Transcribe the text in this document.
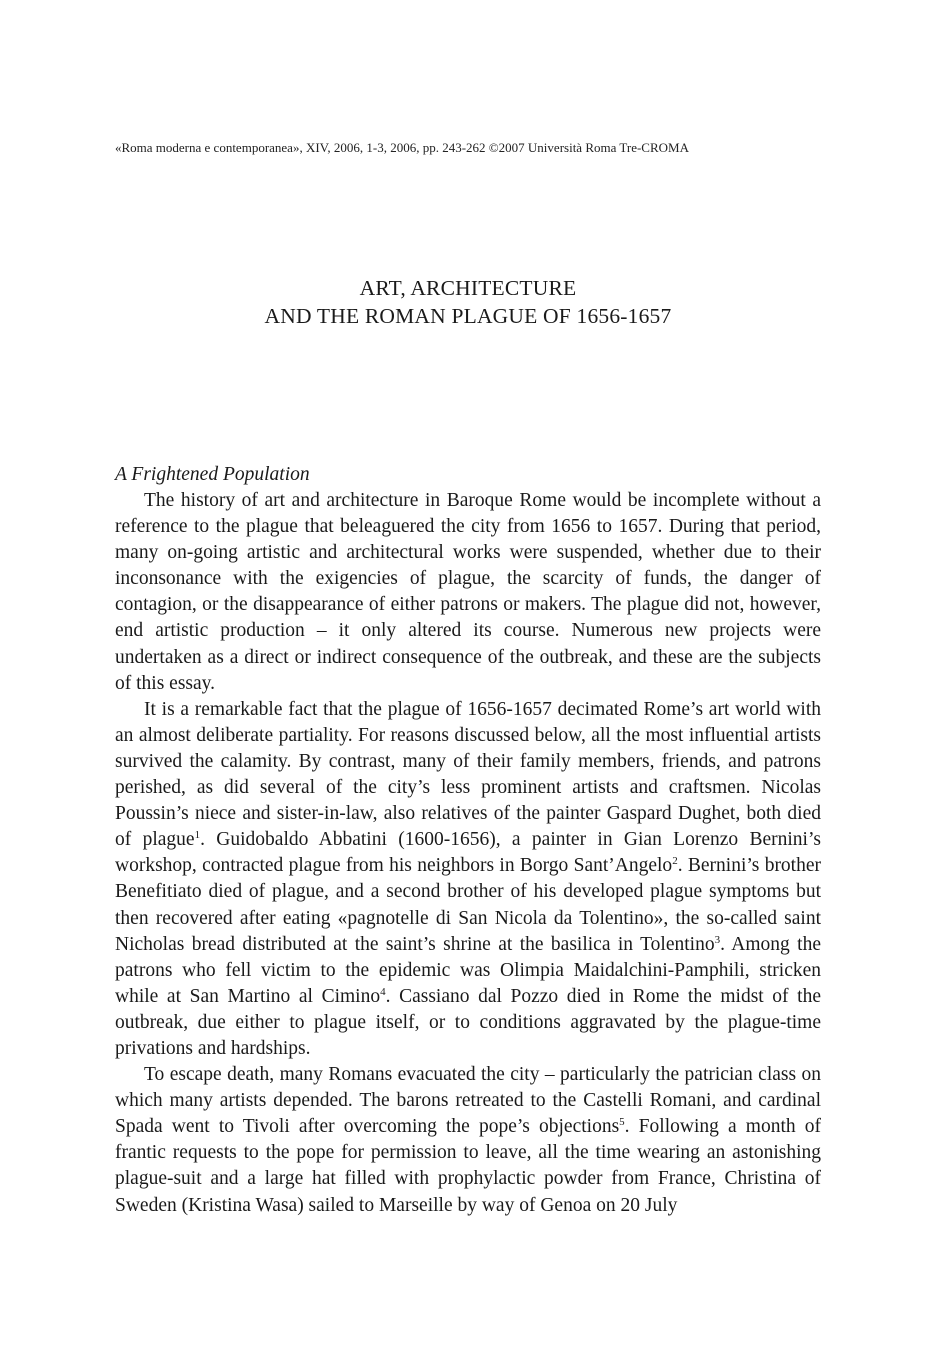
«Roma moderna e contemporanea», XIV, 2006, 1-3, 2006, pp. 243-262 ©2007 Università Roma Tre-CROMA
ART, ARCHITECTURE
AND THE ROMAN PLAGUE OF 1656-1657
A Frightened Population

The history of art and architecture in Baroque Rome would be incomplete without a reference to the plague that beleaguered the city from 1656 to 1657. During that period, many on-going artistic and architectural works were suspended, whether due to their inconsonance with the exigencies of plague, the scarcity of funds, the danger of contagion, or the disappearance of either patrons or makers. The plague did not, however, end artistic production – it only altered its course. Numerous new projects were undertaken as a direct or indirect consequence of the outbreak, and these are the subjects of this essay.

It is a remarkable fact that the plague of 1656-1657 decimated Rome’s art world with an almost deliberate partiality. For reasons discussed below, all the most influential artists survived the calamity. By contrast, many of their family members, friends, and patrons perished, as did several of the city’s less prominent artists and craftsmen. Nicolas Poussin’s niece and sister-in-law, also relatives of the painter Gaspard Dughet, both died of plague$^1$. Guidobaldo Abbatini (1600-1656), a painter in Gian Lorenzo Bernini’s workshop, contracted plague from his neighbors in Borgo Sant’Angelo$^2$. Bernini’s brother Benefitiato died of plague, and a second brother of his developed plague symptoms but then recovered after eating «pagnotelle di San Nicola da Tolentino», the so-called saint Nicholas bread distributed at the saint’s shrine at the basilica in Tolentino$^3$. Among the patrons who fell victim to the epidemic was Olimpia Maidalchini-Pamphili, stricken while at San Martino al Cimino$^4$. Cassiano dal Pozzo died in Rome the midst of the outbreak, due either to plague itself, or to conditions aggravated by the plague-time privations and hardships.

To escape death, many Romans evacuated the city – particularly the patrician class on which many artists depended. The barons retreated to the Castelli Romani, and cardinal Spada went to Tivoli after overcoming the pope’s objections$^5$. Following a month of frantic requests to the pope for permission to leave, all the time wearing an astonishing plague-suit and a large hat filled with prophylactic powder from France, Christina of Sweden (Kristina Wasa) sailed to Marseille by way of Genoa on 20 July
